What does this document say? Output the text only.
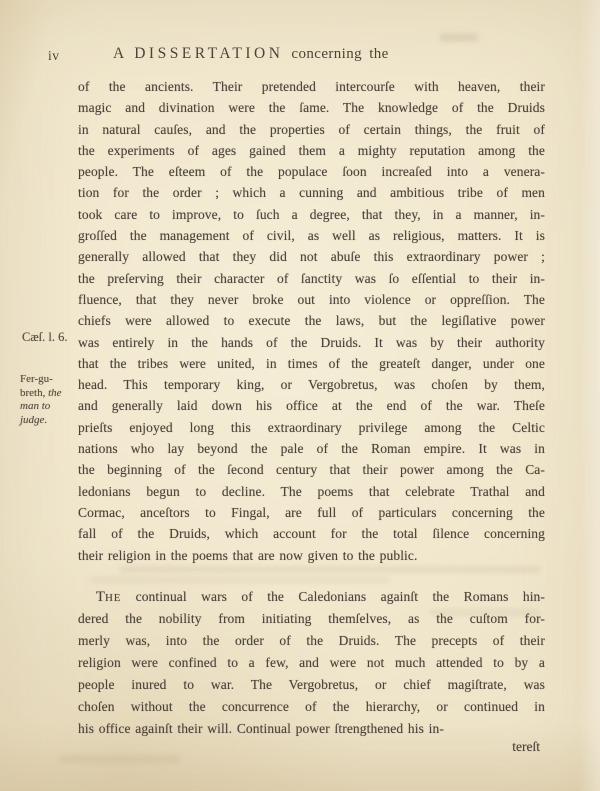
iv	A DISSERTATION concerning the
Cæſ. l. 6.
Fer-gu-
breth, the
man to judge.
of the ancients. Their pretended intercourſe with heaven, their
magic and divination were the ſame. The knowledge of the Druids
in natural cauſes, and the properties of certain things, the fruit of
the experiments of ages gained them a mighty reputation among the
people. The eſteem of the populace ſoon increaſed into a venera-
tion for the order ; which a cunning and ambitious tribe of men
took care to improve, to ſuch a degree, that they, in a manner, in-
groſſed the management of civil, as well as religious, matters. It is
generally allowed that they did not abuſe this extraordinary power ;
the preſerving their character of ſanctity was ſo eſſential to their in-
fluence, that they never broke out into violence or oppreſſion. The
chiefs were allowed to execute the laws, but the legiſlative power
was entirely in the hands of the Druids. It was by their authority
that the tribes were united, in times of the greateſt danger, under one
head. This temporary king, or Vergobretus, was choſen by them,
and generally laid down his office at the end of the war. Theſe
prieſts enjoyed long this extraordinary privilege among the Celtic
nations who lay beyond the pale of the Roman empire. It was in
the beginning of the ſecond century that their power among the Ca-
ledonians begun to decline. The poems that celebrate Trathal and
Cormac, anceſtors to Fingal, are full of particulars concerning the
fall of the Druids, which account for the total ſilence concerning
their religion in the poems that are now given to the public.
THE continual wars of the Caledonians againſt the Romans hin-
dered the nobility from initiating themſelves, as the cuſtom for-
merly was, into the order of the Druids. The precepts of their
religion were confined to a few, and were not much attended to by a
people inured to war. The Vergobretus, or chief magiſtrate, was
choſen without the concurrence of the hierarchy, or continued in
his office againſt their will. Continual power ſtrengthened his in-
tereſt
